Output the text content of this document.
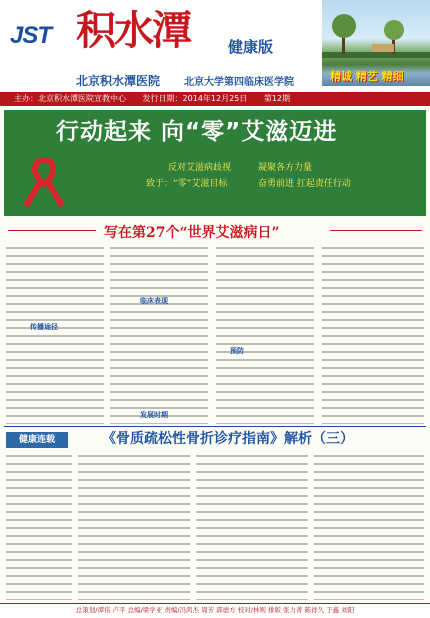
JST 积水潭	健康版
北京积水潭医院 北京大学第四临床医学院	精诚 精艺 精细
主办：北京积水潭医院宣教中心 发行日期：2014年12月25日 第12期
行动起来 向“零”艾滋迈进
反对艾滋病歧视	凝聚各方力量
致于：“零”艾滋目标	奋勇前进 扛起责任行动
写在第27个“世界艾滋病日”
传播途径
临床表现
发展时期
预防
健康连载	《骨质疏松性骨折诊疗指南》解析（三）
总策划/谭伟 卢平 总编/梁学亚 责编/冯鸿杰 周芳 郭德方 校对/林则 排版 张力菁 陈祥久 于鑫 刘阳
